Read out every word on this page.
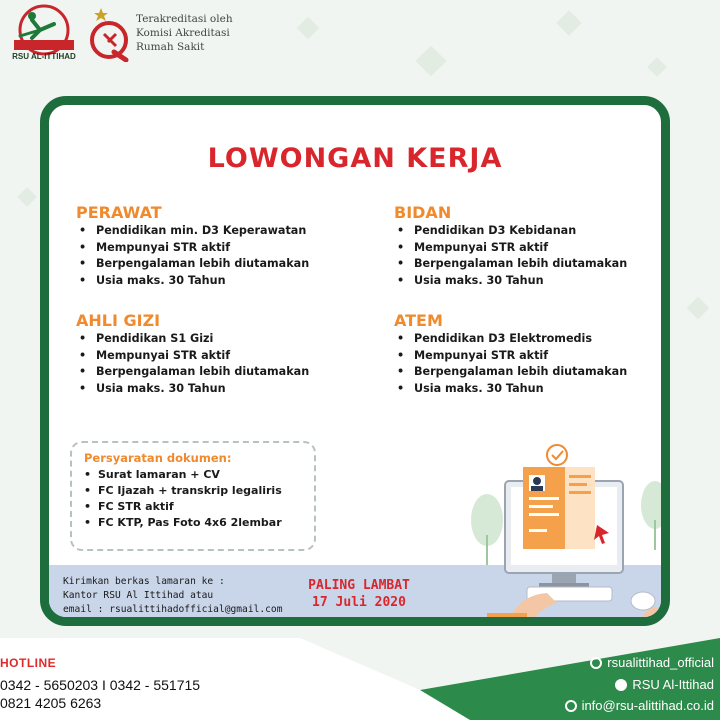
RSU AL-ITTIHAD
Terakreditasi oleh
Komisi Akreditasi
Rumah Sakit
LOWONGAN KERJA
PERAWAT
• Pendidikan min. D3 Keperawatan
• Mempunyai STR aktif
• Berpengalaman lebih diutamakan
• Usia maks. 30 Tahun
BIDAN
• Pendidikan D3 Kebidanan
• Mempunyai STR aktif
• Berpengalaman lebih diutamakan
• Usia maks. 30 Tahun
AHLI GIZI
• Pendidikan S1 Gizi
• Mempunyai STR aktif
• Berpengalaman lebih diutamakan
• Usia maks. 30 Tahun
ATEM
• Pendidikan D3 Elektromedis
• Mempunyai STR aktif
• Berpengalaman lebih diutamakan
• Usia maks. 30 Tahun
Persyaratan dokumen:
• Surat lamaran + CV
• FC Ijazah + transkrip legaliris
• FC STR aktif
• FC KTP, Pas Foto 4x6 2lembar
Kirimkan berkas lamaran ke :
Kantor RSU Al Ittihad atau
email : rsualittihadofficial@gmail.com
PALING LAMBAT
17 Juli 2020
HOTLINE
0342 - 5650203 I 0342 - 551715
0821 4205 6263
rsualittihad_official
RSU Al-Ittihad
info@rsu-alittihad.co.id
